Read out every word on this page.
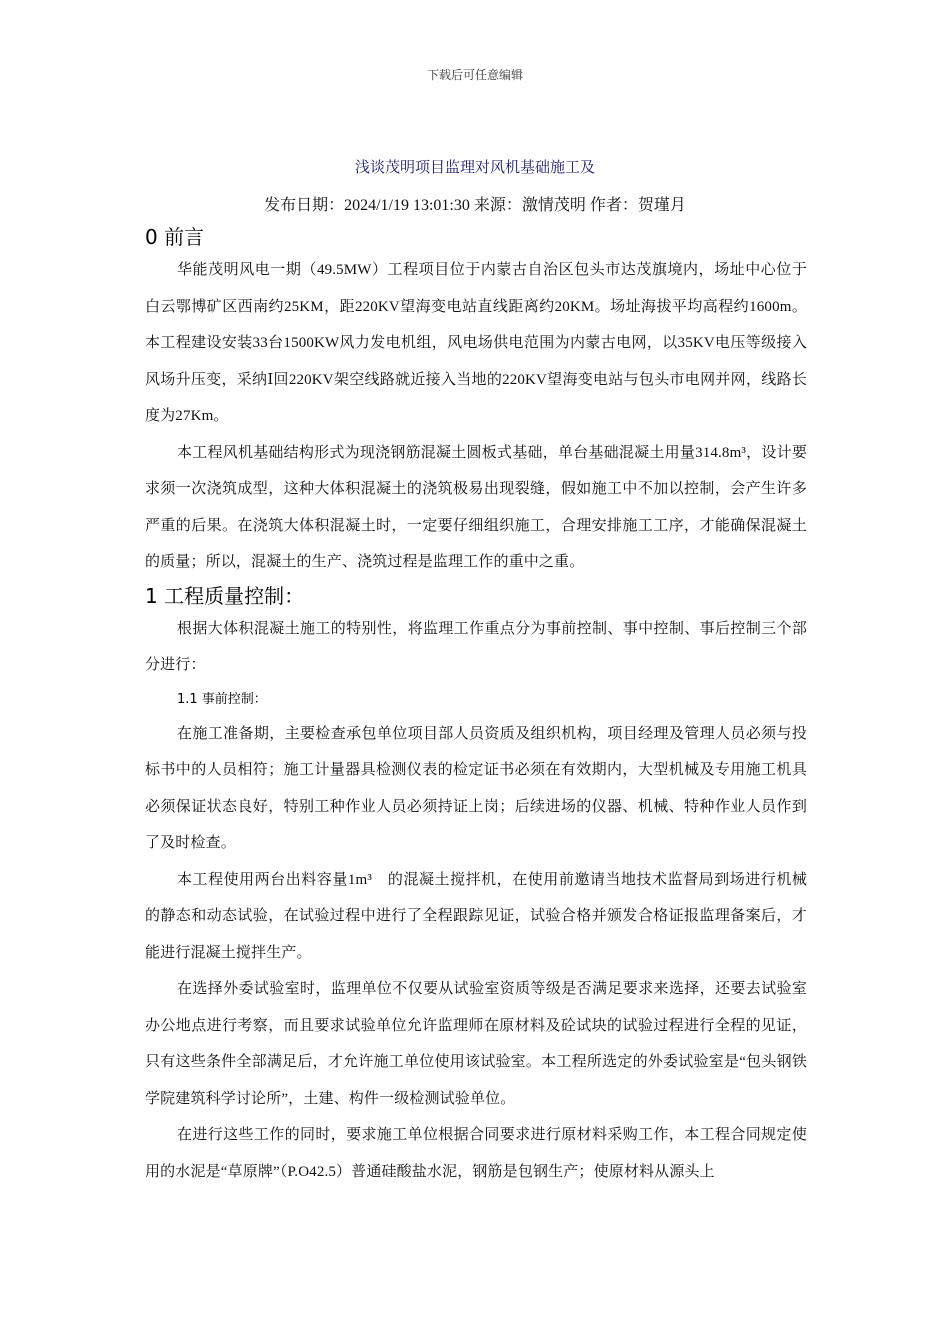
下载后可任意编辑
浅谈茂明项目监理对风机基础施工及
发布日期：2024/1/19 13:01:30 来源：激情茂明 作者：贺瑾月
0 前言

华能茂明风电一期（49.5MW）工程项目位于内蒙古自治区包头市达茂旗境内，场址中心位于白云鄂博矿区西南约25KM，距220KV望海变电站直线距离约20KM。场址海拔平均高程约1600m。本工程建设安装33台1500KW风力发电机组，风电场供电范围为内蒙古电网，以35KV电压等级接入风场升压变，采纳Ⅰ回220KV架空线路就近接入当地的220KV望海变电站与包头市电网并网，线路长度为27Km。

本工程风机基础结构形式为现浇钢筋混凝土圆板式基础，单台基础混凝土用量314.8m³，设计要求须一次浇筑成型，这种大体积混凝土的浇筑极易出现裂缝，假如施工中不加以控制，会产生许多严重的后果。在浇筑大体积混凝土时，一定要仔细组织施工，合理安排施工工序，才能确保混凝土的质量；所以，混凝土的生产、浇筑过程是监理工作的重中之重。

1 工程质量控制：

根据大体积混凝土施工的特别性，将监理工作重点分为事前控制、事中控制、事后控制三个部分进行：

1.1 事前控制：

在施工准备期，主要检查承包单位项目部人员资质及组织机构，项目经理及管理人员必须与投标书中的人员相符；施工计量器具检测仪表的检定证书必须在有效期内，大型机械及专用施工机具必须保证状态良好，特别工种作业人员必须持证上岗；后续进场的仪器、机械、特种作业人员作到了及时检查。

本工程使用两台出料容量1m³　的混凝土搅拌机，在使用前邀请当地技术监督局到场进行机械的静态和动态试验，在试验过程中进行了全程跟踪见证，试验合格并颁发合格证报监理备案后，才能进行混凝土搅拌生产。

在选择外委试验室时，监理单位不仅要从试验室资质等级是否满足要求来选择，还要去试验室办公地点进行考察，而且要求试验单位允许监理师在原材料及砼试块的试验过程进行全程的见证，只有这些条件全部满足后，才允许施工单位使用该试验室。本工程所选定的外委试验室是“包头钢铁学院建筑科学讨论所”，土建、构件一级检测试验单位。

在进行这些工作的同时，要求施工单位根据合同要求进行原材料采购工作，本工程合同规定使用的水泥是“草原牌”（P.O42.5）普通硅酸盐水泥，钢筋是包钢生产；使原材料从源头上
